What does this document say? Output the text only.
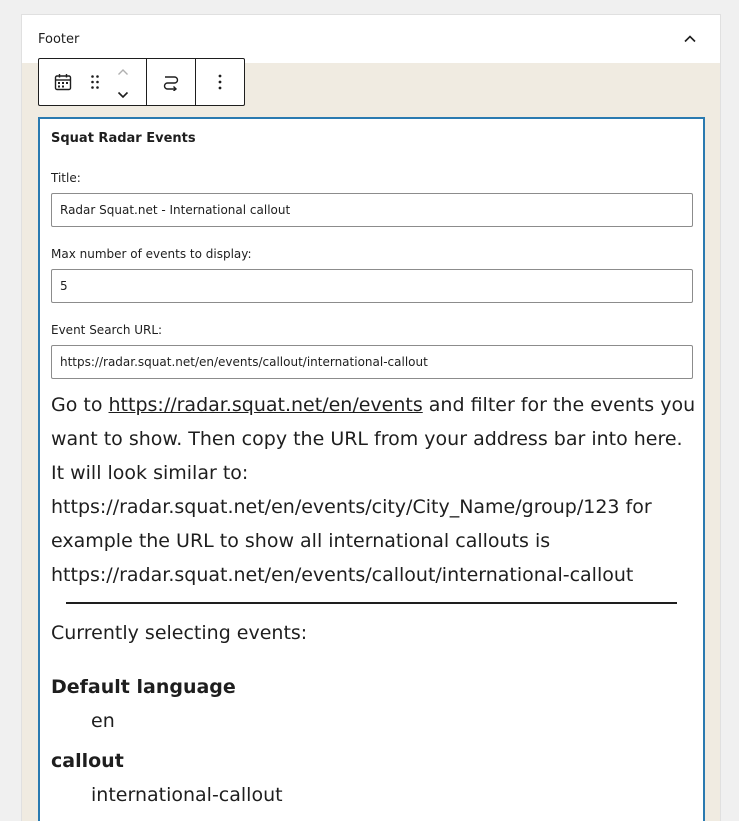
Footer
Squat Radar Events
Title:
Radar Squat.net - International callout
Max number of events to display:
5
Event Search URL:
https://radar.squat.net/en/events/callout/international-callout
Go to https://radar.squat.net/en/events and filter for the events you want to show. Then copy the URL from your address bar into here. It will look similar to: https://radar.squat.net/en/events/city/City_Name/group/123 for example the URL to show all international callouts is https://radar.squat.net/en/events/callout/international-callout
Currently selecting events:
Default language
en
callout
international-callout
